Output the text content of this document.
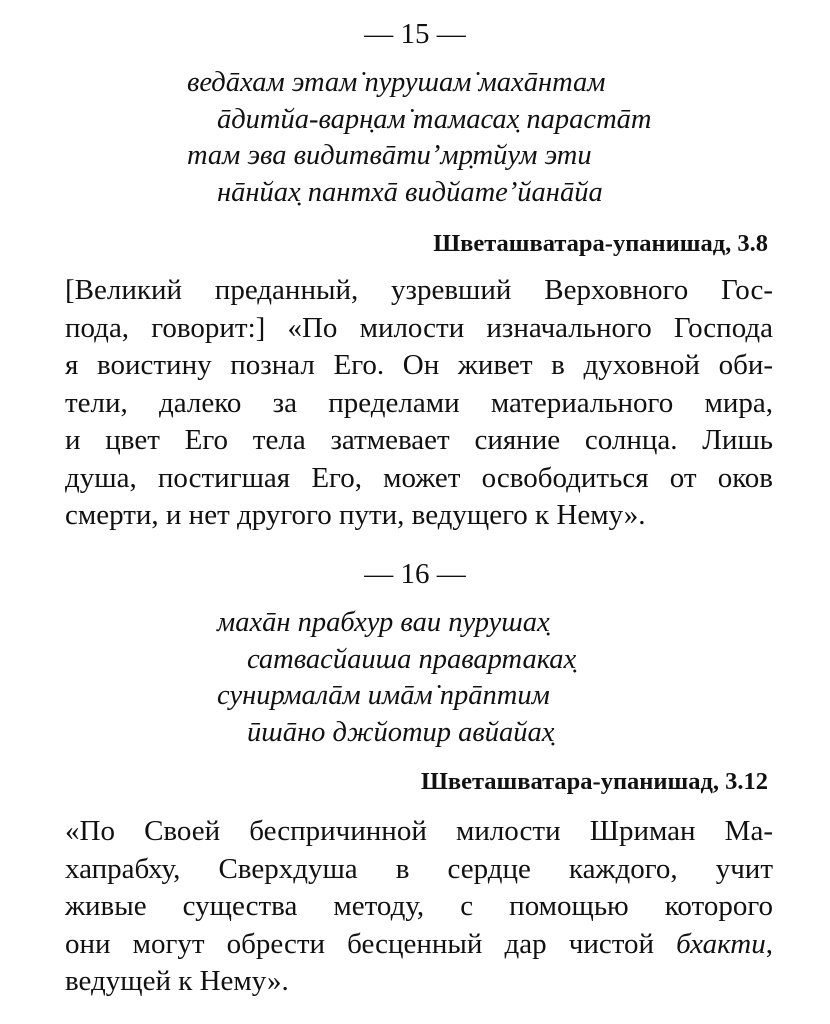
— 15 —
ведāхам этам̇ пурушам̇ махāнтам
āдитйа-варн̣ам̇ тамасах̣ парастāт
там эва видитвāти’мр̣тйум эти
нāнйах̣ пантхā видйате’йанāйа
Шветашватара-упанишад, 3.8
[Великий преданный, узревший Верховного Гос-
пода, говорит:] «По милости изначального Господа
я воистину познал Его. Он живет в духовной оби-
тели, далеко за пределами материального мира,
и цвет Его тела затмевает сияние солнца. Лишь
душа, постигшая Его, может освободиться от оков
смерти, и нет другого пути, ведущего к Нему».
— 16 —
махāн прабхур ваи пурушах̣
сатвасйаиша правартаках̣
сунирмалāм имāм̇ прāптим
ӣшāно джйотир авйайах̣
Шветашватара-упанишад, 3.12
«По Своей беспричинной милости Шриман Ма-
хапрабху, Сверхдуша в сердце каждого, учит
живые существа методу, с помощью которого
они могут обрести бесценный дар чистой бхакти,
ведущей к Нему».
